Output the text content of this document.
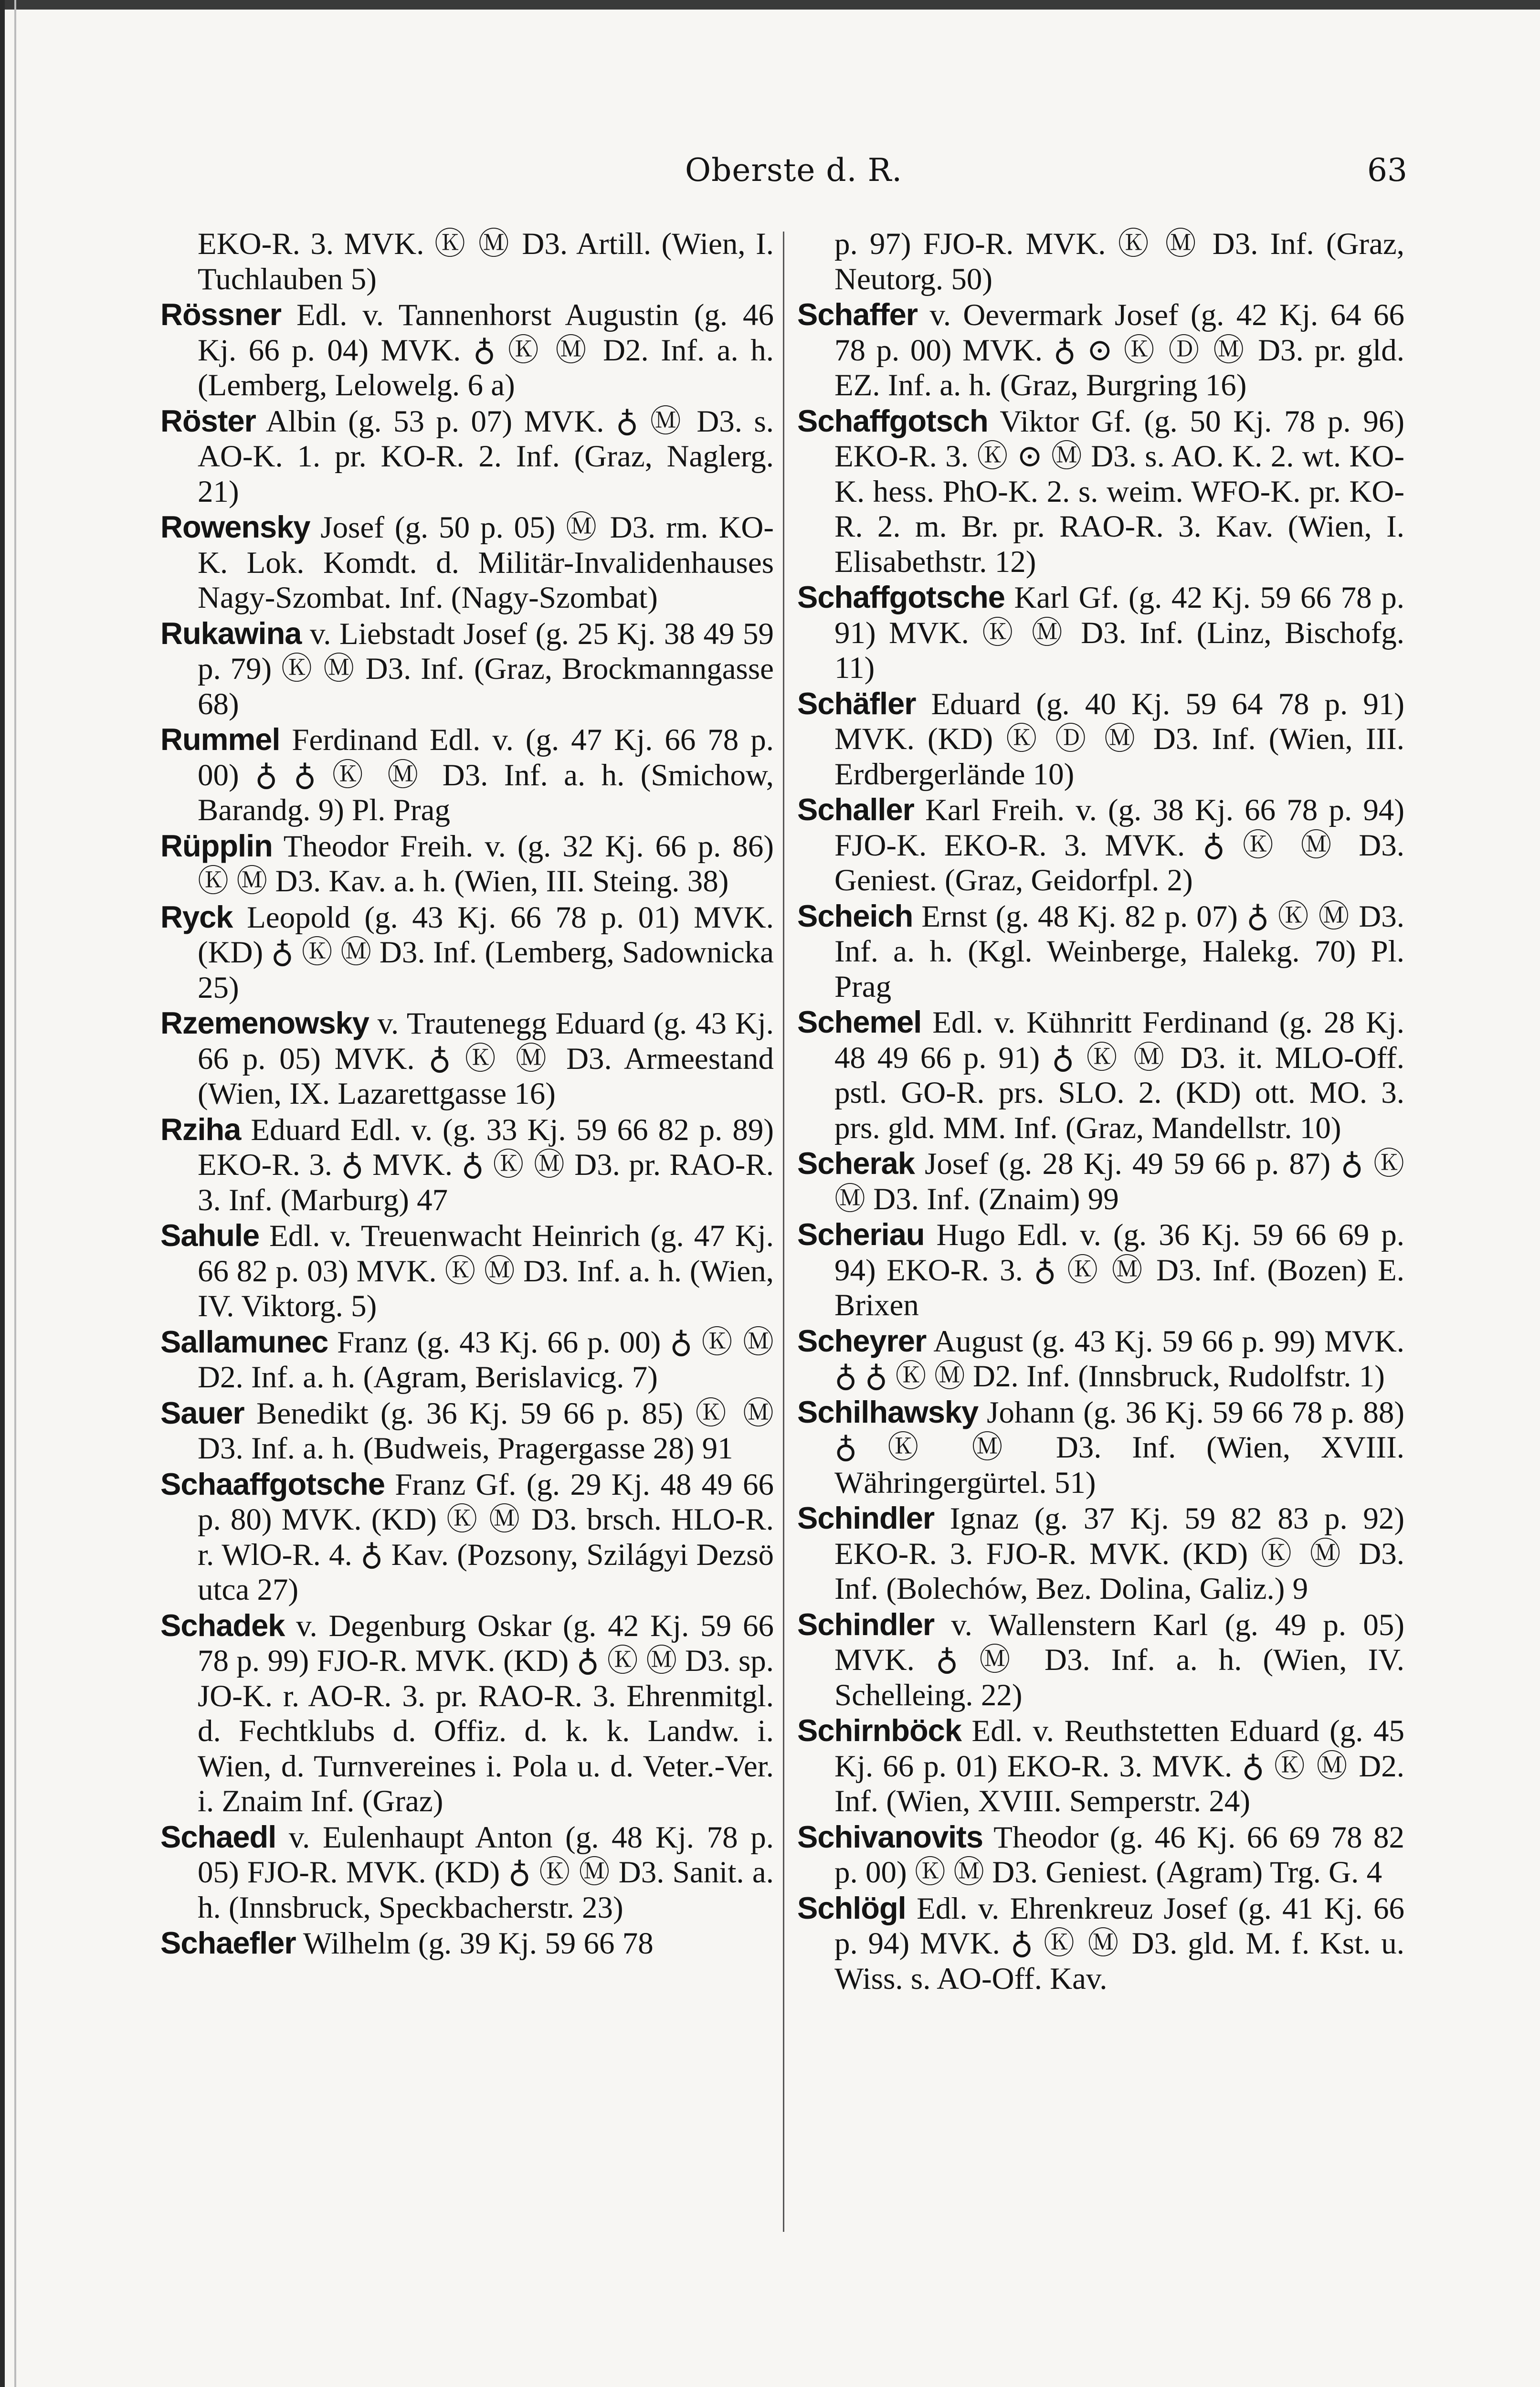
Oberste d. R.	63

EKO-R. 3. MVK. Ⓚ Ⓜ D3. Artill. (Wien, I. Tuchlauben 5)

Rössner Edl. v. Tannenhorst Augustin (g. 46 Kj. 66 p. 04) MVK. ♁ Ⓚ Ⓜ D2. Inf. a. h. (Lemberg, Lelowelg. 6 a)

Röster Albin (g. 53 p. 07) MVK. ♁ Ⓜ D3. s. AO-K. 1. pr. KO-R. 2. Inf. (Graz, Naglerg. 21)

Rowensky Josef (g. 50 p. 05) Ⓜ D3. rm. KO-K. Lok. Komdt. d. Militär-Invalidenhauses Nagy-Szombat. Inf. (Nagy-Szombat)

Rukawina v. Liebstadt Josef (g. 25 Kj. 38 49 59 p. 79) Ⓚ Ⓜ D3. Inf. (Graz, Brockmanngasse 68)

Rummel Ferdinand Edl. v. (g. 47 Kj. 66 78 p. 00) ♁ ♁ Ⓚ Ⓜ D3. Inf. a. h. (Smichow, Barandg. 9) Pl. Prag

Rüpplin Theodor Freih. v. (g. 32 Kj. 66 p. 86) Ⓚ Ⓜ D3. Kav. a. h. (Wien, III. Steing. 38)

Ryck Leopold (g. 43 Kj. 66 78 p. 01) MVK. (KD) ♁ Ⓚ Ⓜ D3. Inf. (Lemberg, Sadownicka 25)

Rzemenowsky v. Trautenegg Eduard (g. 43 Kj. 66 p. 05) MVK. ♁ Ⓚ Ⓜ D3. Armeestand (Wien, IX. Lazarettgasse 16)

Rziha Eduard Edl. v. (g. 33 Kj. 59 66 82 p. 89) EKO-R. 3. ♁ MVK. ♁ Ⓚ Ⓜ D3. pr. RAO-R. 3. Inf. (Marburg) 47

Sahule Edl. v. Treuenwacht Heinrich (g. 47 Kj. 66 82 p. 03) MVK. Ⓚ Ⓜ D3. Inf. a. h. (Wien, IV. Viktorg. 5)

Sallamunec Franz (g. 43 Kj. 66 p. 00) ♁ Ⓚ Ⓜ D2. Inf. a. h. (Agram, Berislavicg. 7)

Sauer Benedikt (g. 36 Kj. 59 66 p. 85) Ⓚ Ⓜ D3. Inf. a. h. (Budweis, Pragergasse 28) 91

Schaaffgotsche Franz Gf. (g. 29 Kj. 48 49 66 p. 80) MVK. (KD) Ⓚ Ⓜ D3. brsch. HLO-R. r. WlO-R. 4. ♁ Kav. (Pozsony, Szilágyi Dezsö utca 27)

Schadek v. Degenburg Oskar (g. 42 Kj. 59 66 78 p. 99) FJO-R. MVK. (KD) ♁ Ⓚ Ⓜ D3. sp. JO-K. r. AO-R. 3. pr. RAO-R. 3. Ehrenmitgl. d. Fechtklubs d. Offiz. d. k. k. Landw. i. Wien, d. Turnvereines i. Pola u. d. Veter.-Ver. i. Znaim Inf. (Graz)

Schaedl v. Eulenhaupt Anton (g. 48 Kj. 78 p. 05) FJO-R. MVK. (KD) ♁ Ⓚ Ⓜ D3. Sanit. a. h. (Innsbruck, Speckbacherstr. 23)

Schaefler Wilhelm (g. 39 Kj. 59 66 78

p. 97) FJO-R. MVK. Ⓚ Ⓜ D3. Inf. (Graz, Neutorg. 50)

Schaffer v. Oevermark Josef (g. 42 Kj. 64 66 78 p. 00) MVK. ♁ ⊙ Ⓚ Ⓓ Ⓜ D3. pr. gld. EZ. Inf. a. h. (Graz, Burgring 16)

Schaffgotsch Viktor Gf. (g. 50 Kj. 78 p. 96) EKO-R. 3. Ⓚ ⊙ Ⓜ D3. s. AO. K. 2. wt. KO-K. hess. PhO-K. 2. s. weim. WFO-K. pr. KO-R. 2. m. Br. pr. RAO-R. 3. Kav. (Wien, I. Elisabethstr. 12)

Schaffgotsche Karl Gf. (g. 42 Kj. 59 66 78 p. 91) MVK. Ⓚ Ⓜ D3. Inf. (Linz, Bischofg. 11)

Schäfler Eduard (g. 40 Kj. 59 64 78 p. 91) MVK. (KD) Ⓚ Ⓓ Ⓜ D3. Inf. (Wien, III. Erdbergerlände 10)

Schaller Karl Freih. v. (g. 38 Kj. 66 78 p. 94) FJO-K. EKO-R. 3. MVK. ♁ Ⓚ Ⓜ D3. Geniest. (Graz, Geidorfpl. 2)

Scheich Ernst (g. 48 Kj. 82 p. 07) ♁ Ⓚ Ⓜ D3. Inf. a. h. (Kgl. Weinberge, Halekg. 70) Pl. Prag

Schemel Edl. v. Kühnritt Ferdinand (g. 28 Kj. 48 49 66 p. 91) ♁ Ⓚ Ⓜ D3. it. MLO-Off. pstl. GO-R. prs. SLO. 2. (KD) ott. MO. 3. prs. gld. MM. Inf. (Graz, Mandellstr. 10)

Scherak Josef (g. 28 Kj. 49 59 66 p. 87) ♁ Ⓚ Ⓜ D3. Inf. (Znaim) 99

Scheriau Hugo Edl. v. (g. 36 Kj. 59 66 69 p. 94) EKO-R. 3. ♁ Ⓚ Ⓜ D3. Inf. (Bozen) E. Brixen

Scheyrer August (g. 43 Kj. 59 66 p. 99) MVK. ♁ ♁ Ⓚ Ⓜ D2. Inf. (Innsbruck, Rudolfstr. 1)

Schilhawsky Johann (g. 36 Kj. 59 66 78 p. 88) ♁ Ⓚ Ⓜ D3. Inf. (Wien, XVIII. Währingergürtel. 51)

Schindler Ignaz (g. 37 Kj. 59 82 83 p. 92) EKO-R. 3. FJO-R. MVK. (KD) Ⓚ Ⓜ D3. Inf. (Bolechów, Bez. Dolina, Galiz.) 9

Schindler v. Wallenstern Karl (g. 49 p. 05) MVK. ♁ Ⓜ D3. Inf. a. h. (Wien, IV. Schelleing. 22)

Schirnböck Edl. v. Reuthstetten Eduard (g. 45 Kj. 66 p. 01) EKO-R. 3. MVK. ♁ Ⓚ Ⓜ D2. Inf. (Wien, XVIII. Semperstr. 24)

Schivanovits Theodor (g. 46 Kj. 66 69 78 82 p. 00) Ⓚ Ⓜ D3. Geniest. (Agram) Trg. G. 4

Schlögl Edl. v. Ehrenkreuz Josef (g. 41 Kj. 66 p. 94) MVK. ♁ Ⓚ Ⓜ D3. gld. M. f. Kst. u. Wiss. s. AO-Off. Kav.
